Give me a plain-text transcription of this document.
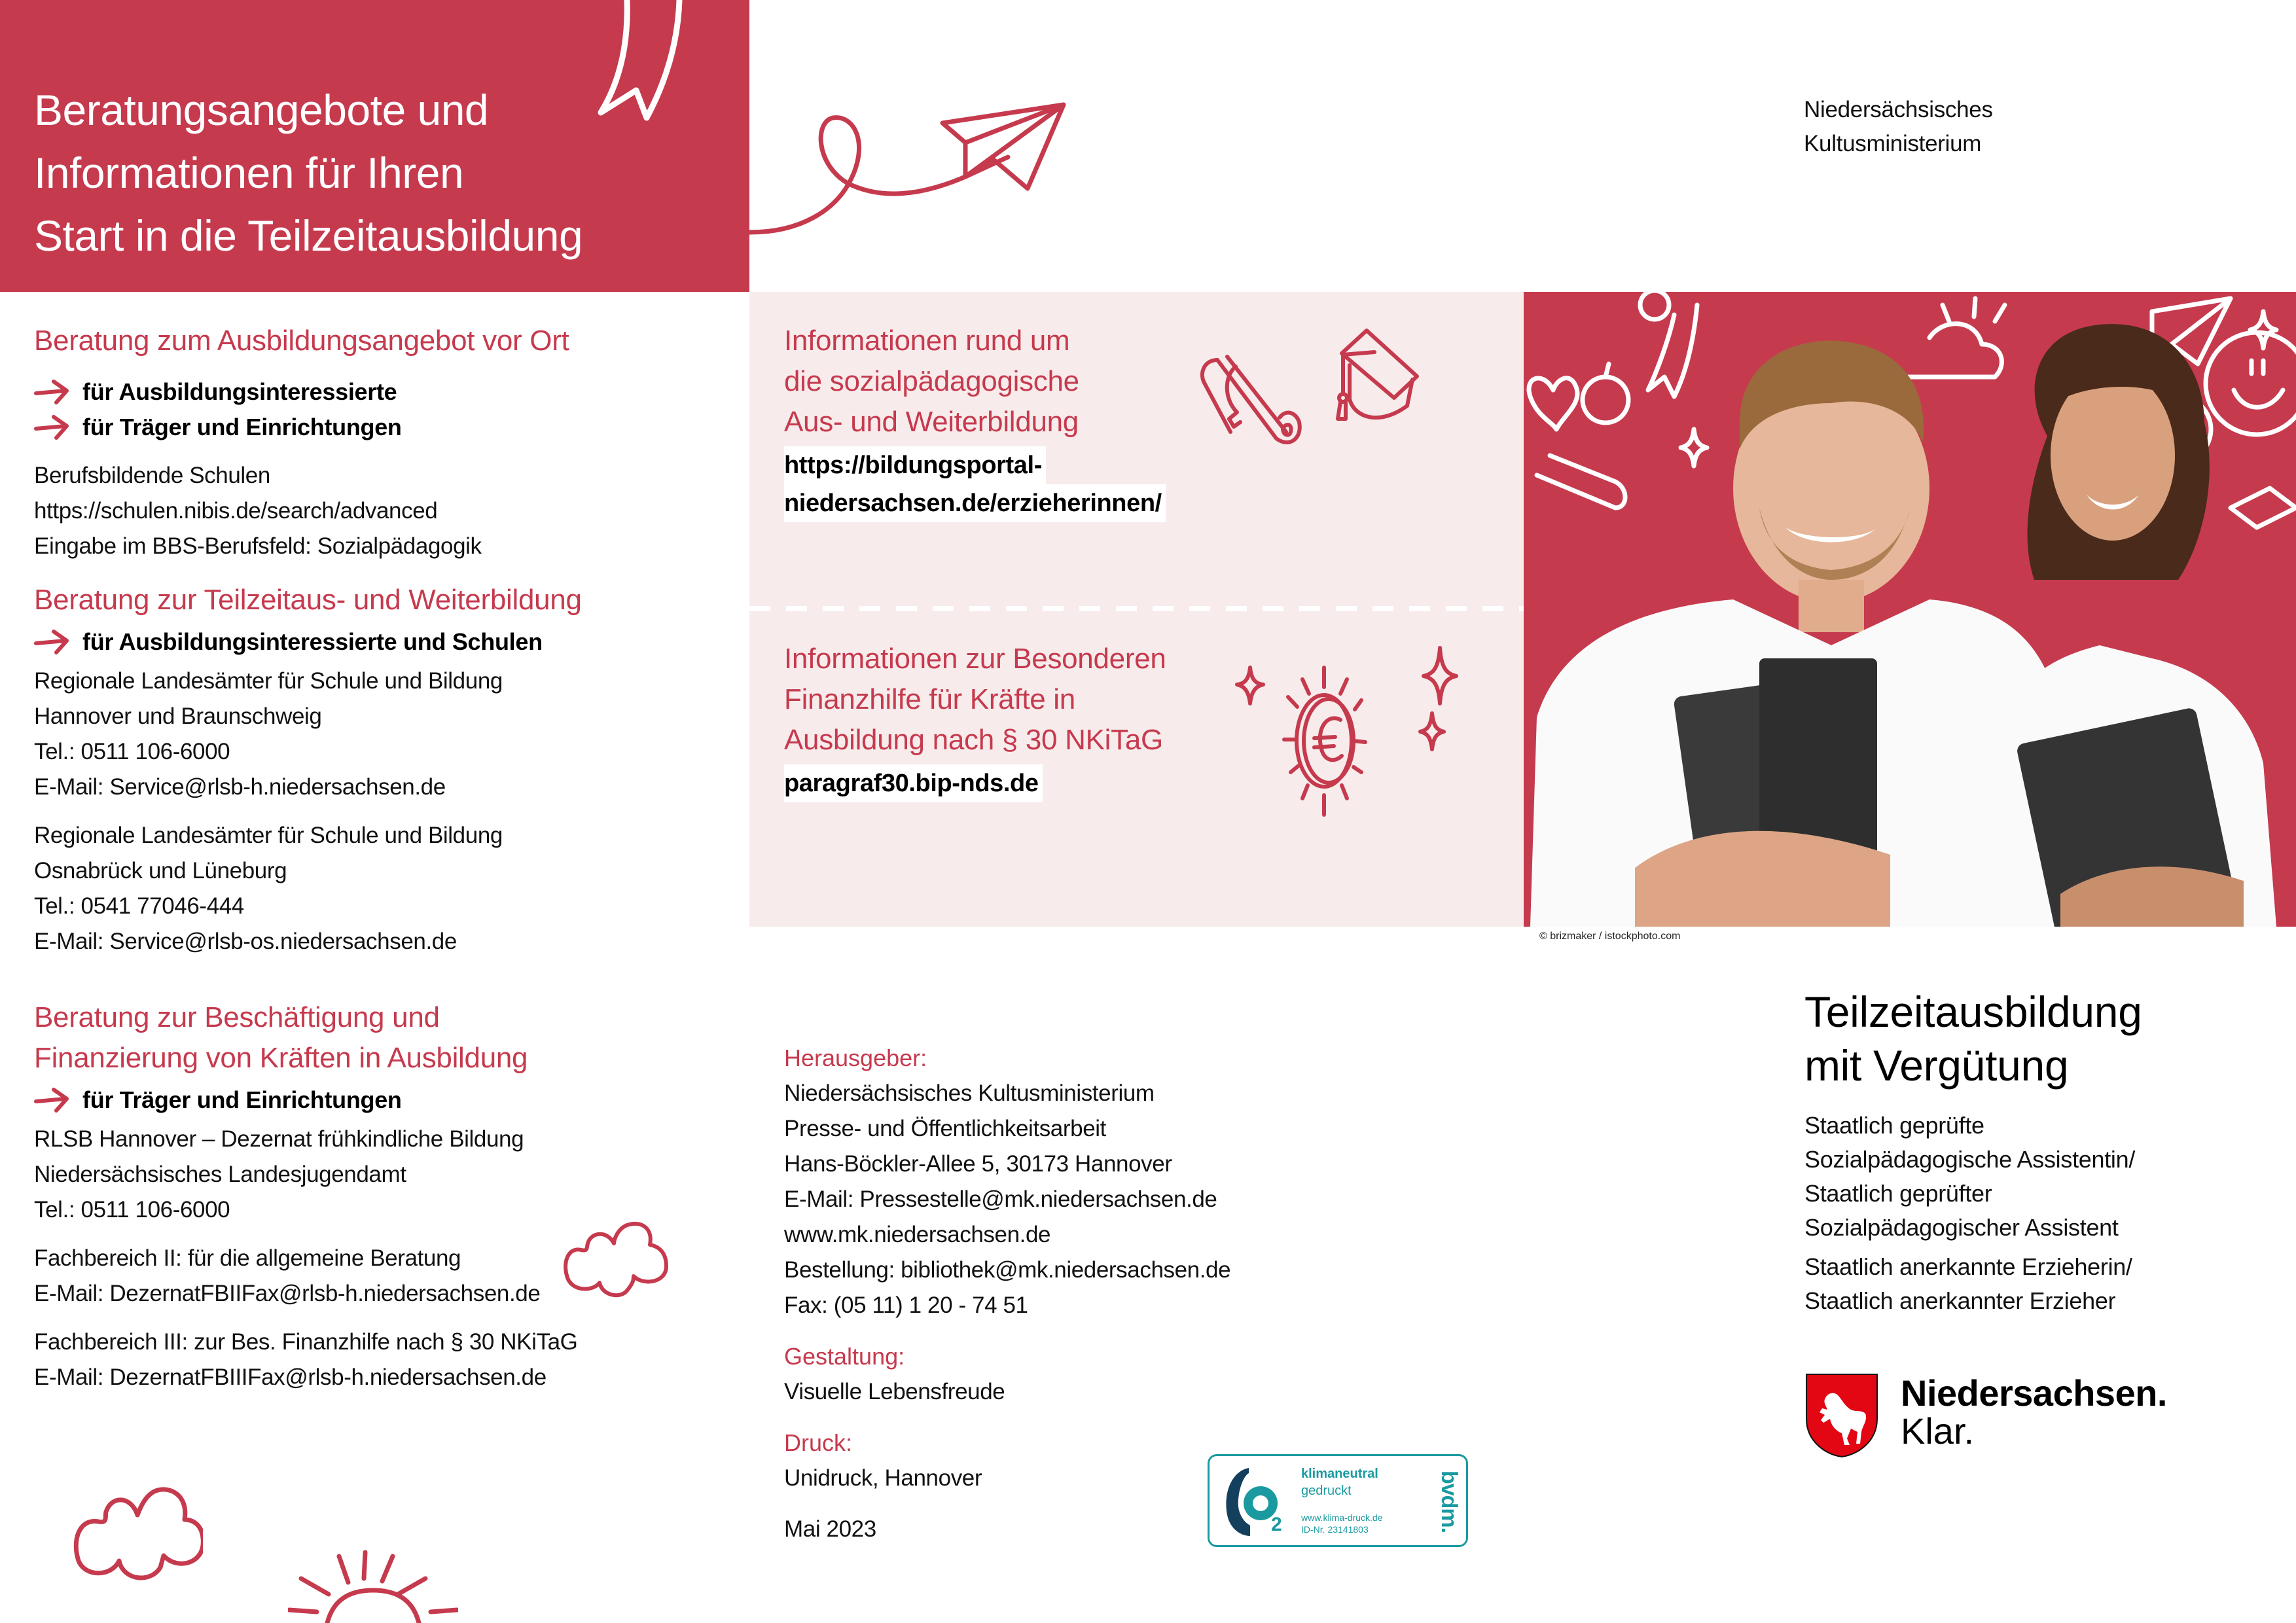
Beratungsangebote und
Informationen für Ihren
Start in die Teilzeitausbildung
Niedersächsisches
Kultusministerium
Beratung zum Ausbildungsangebot vor Ort
für Ausbildungsinteressierte
für Träger und Einrichtungen
Berufsbildende Schulen
https://schulen.nibis.de/search/advanced
Eingabe im BBS-Berufsfeld: Sozialpädagogik
Beratung zur Teilzeitaus- und Weiterbildung
für Ausbildungsinteressierte und Schulen
Regionale Landesämter für Schule und Bildung
Hannover und Braunschweig
Tel.: 0511 106-6000
E-Mail: Service@rlsb-h.niedersachsen.de
Regionale Landesämter für Schule und Bildung
Osnabrück und Lüneburg
Tel.: 0541 77046-444
E-Mail: Service@rlsb-os.niedersachsen.de
Beratung zur Beschäftigung und
Finanzierung von Kräften in Ausbildung
für Träger und Einrichtungen
RLSB Hannover – Dezernat frühkindliche Bildung
Niedersächsisches Landesjugendamt
Tel.: 0511 106-6000
Fachbereich II: für die allgemeine Beratung
E-Mail: DezernatFBIIFax@rlsb-h.niedersachsen.de
Fachbereich III: zur Bes. Finanzhilfe nach § 30 NKiTaG
E-Mail: DezernatFBIIIFax@rlsb-h.niedersachsen.de
Informationen rund um
die sozialpädagogische
Aus- und Weiterbildung
https://bildungsportal-
niedersachsen.de/erzieherinnen/
Informationen zur Besonderen
Finanzhilfe für Kräfte in
Ausbildung nach § 30 NKiTaG
paragraf30.bip-nds.de
© brizmaker / istockphoto.com
Herausgeber:
Niedersächsisches Kultusministerium
Presse- und Öffentlichkeitsarbeit
Hans-Böckler-Allee 5, 30173 Hannover
E-Mail: Pressestelle@mk.niedersachsen.de
www.mk.niedersachsen.de
Bestellung: bibliothek@mk.niedersachsen.de
Fax: (05 11) 1 20 - 74 51
Gestaltung:
Visuelle Lebensfreude
Druck:
Unidruck, Hannover
Mai 2023	2
klimaneutral
gedruckt
www.klima-druck.de
ID-Nr. 23141803	bvdm.
Teilzeitausbildung
mit Vergütung
Staatlich geprüfte
Sozialpädagogische Assistentin/
Staatlich geprüfter
Sozialpädagogischer Assistent
Staatlich anerkannte Erzieherin/
Staatlich anerkannter Erzieher
Niedersachsen.
Klar.
